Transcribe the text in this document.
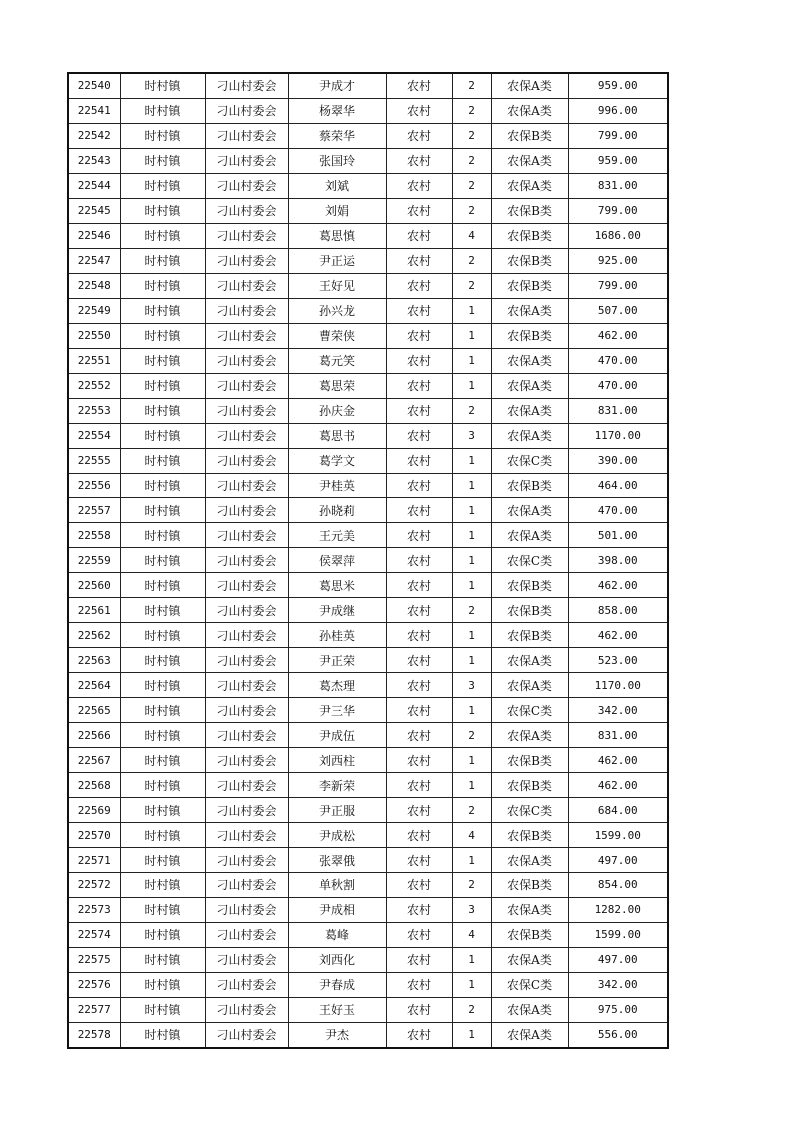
22540	时村镇	刁山村委会	尹成才	农村	2	农保A类	959.00
22541	时村镇	刁山村委会	杨翠华	农村	2	农保A类	996.00
22542	时村镇	刁山村委会	蔡荣华	农村	2	农保B类	799.00
22543	时村镇	刁山村委会	张国玲	农村	2	农保A类	959.00
22544	时村镇	刁山村委会	刘斌	农村	2	农保A类	831.00
22545	时村镇	刁山村委会	刘娟	农村	2	农保B类	799.00
22546	时村镇	刁山村委会	葛思慎	农村	4	农保B类	1686.00
22547	时村镇	刁山村委会	尹正运	农村	2	农保B类	925.00
22548	时村镇	刁山村委会	王好见	农村	2	农保B类	799.00
22549	时村镇	刁山村委会	孙兴龙	农村	1	农保A类	507.00
22550	时村镇	刁山村委会	曹荣侠	农村	1	农保B类	462.00
22551	时村镇	刁山村委会	葛元笑	农村	1	农保A类	470.00
22552	时村镇	刁山村委会	葛思荣	农村	1	农保A类	470.00
22553	时村镇	刁山村委会	孙庆金	农村	2	农保A类	831.00
22554	时村镇	刁山村委会	葛思书	农村	3	农保A类	1170.00
22555	时村镇	刁山村委会	葛学文	农村	1	农保C类	390.00
22556	时村镇	刁山村委会	尹桂英	农村	1	农保B类	464.00
22557	时村镇	刁山村委会	孙晓莉	农村	1	农保A类	470.00
22558	时村镇	刁山村委会	王元美	农村	1	农保A类	501.00
22559	时村镇	刁山村委会	侯翠萍	农村	1	农保C类	398.00
22560	时村镇	刁山村委会	葛思米	农村	1	农保B类	462.00
22561	时村镇	刁山村委会	尹成继	农村	2	农保B类	858.00
22562	时村镇	刁山村委会	孙桂英	农村	1	农保B类	462.00
22563	时村镇	刁山村委会	尹正荣	农村	1	农保A类	523.00
22564	时村镇	刁山村委会	葛杰理	农村	3	农保A类	1170.00
22565	时村镇	刁山村委会	尹三华	农村	1	农保C类	342.00
22566	时村镇	刁山村委会	尹成伍	农村	2	农保A类	831.00
22567	时村镇	刁山村委会	刘西柱	农村	1	农保B类	462.00
22568	时村镇	刁山村委会	李新荣	农村	1	农保B类	462.00
22569	时村镇	刁山村委会	尹正服	农村	2	农保C类	684.00
22570	时村镇	刁山村委会	尹成松	农村	4	农保B类	1599.00
22571	时村镇	刁山村委会	张翠俄	农村	1	农保A类	497.00
22572	时村镇	刁山村委会	单秋割	农村	2	农保B类	854.00
22573	时村镇	刁山村委会	尹成相	农村	3	农保A类	1282.00
22574	时村镇	刁山村委会	葛峰	农村	4	农保B类	1599.00
22575	时村镇	刁山村委会	刘西化	农村	1	农保A类	497.00
22576	时村镇	刁山村委会	尹春成	农村	1	农保C类	342.00
22577	时村镇	刁山村委会	王好玉	农村	2	农保A类	975.00
22578	时村镇	刁山村委会	尹杰	农村	1	农保A类	556.00
